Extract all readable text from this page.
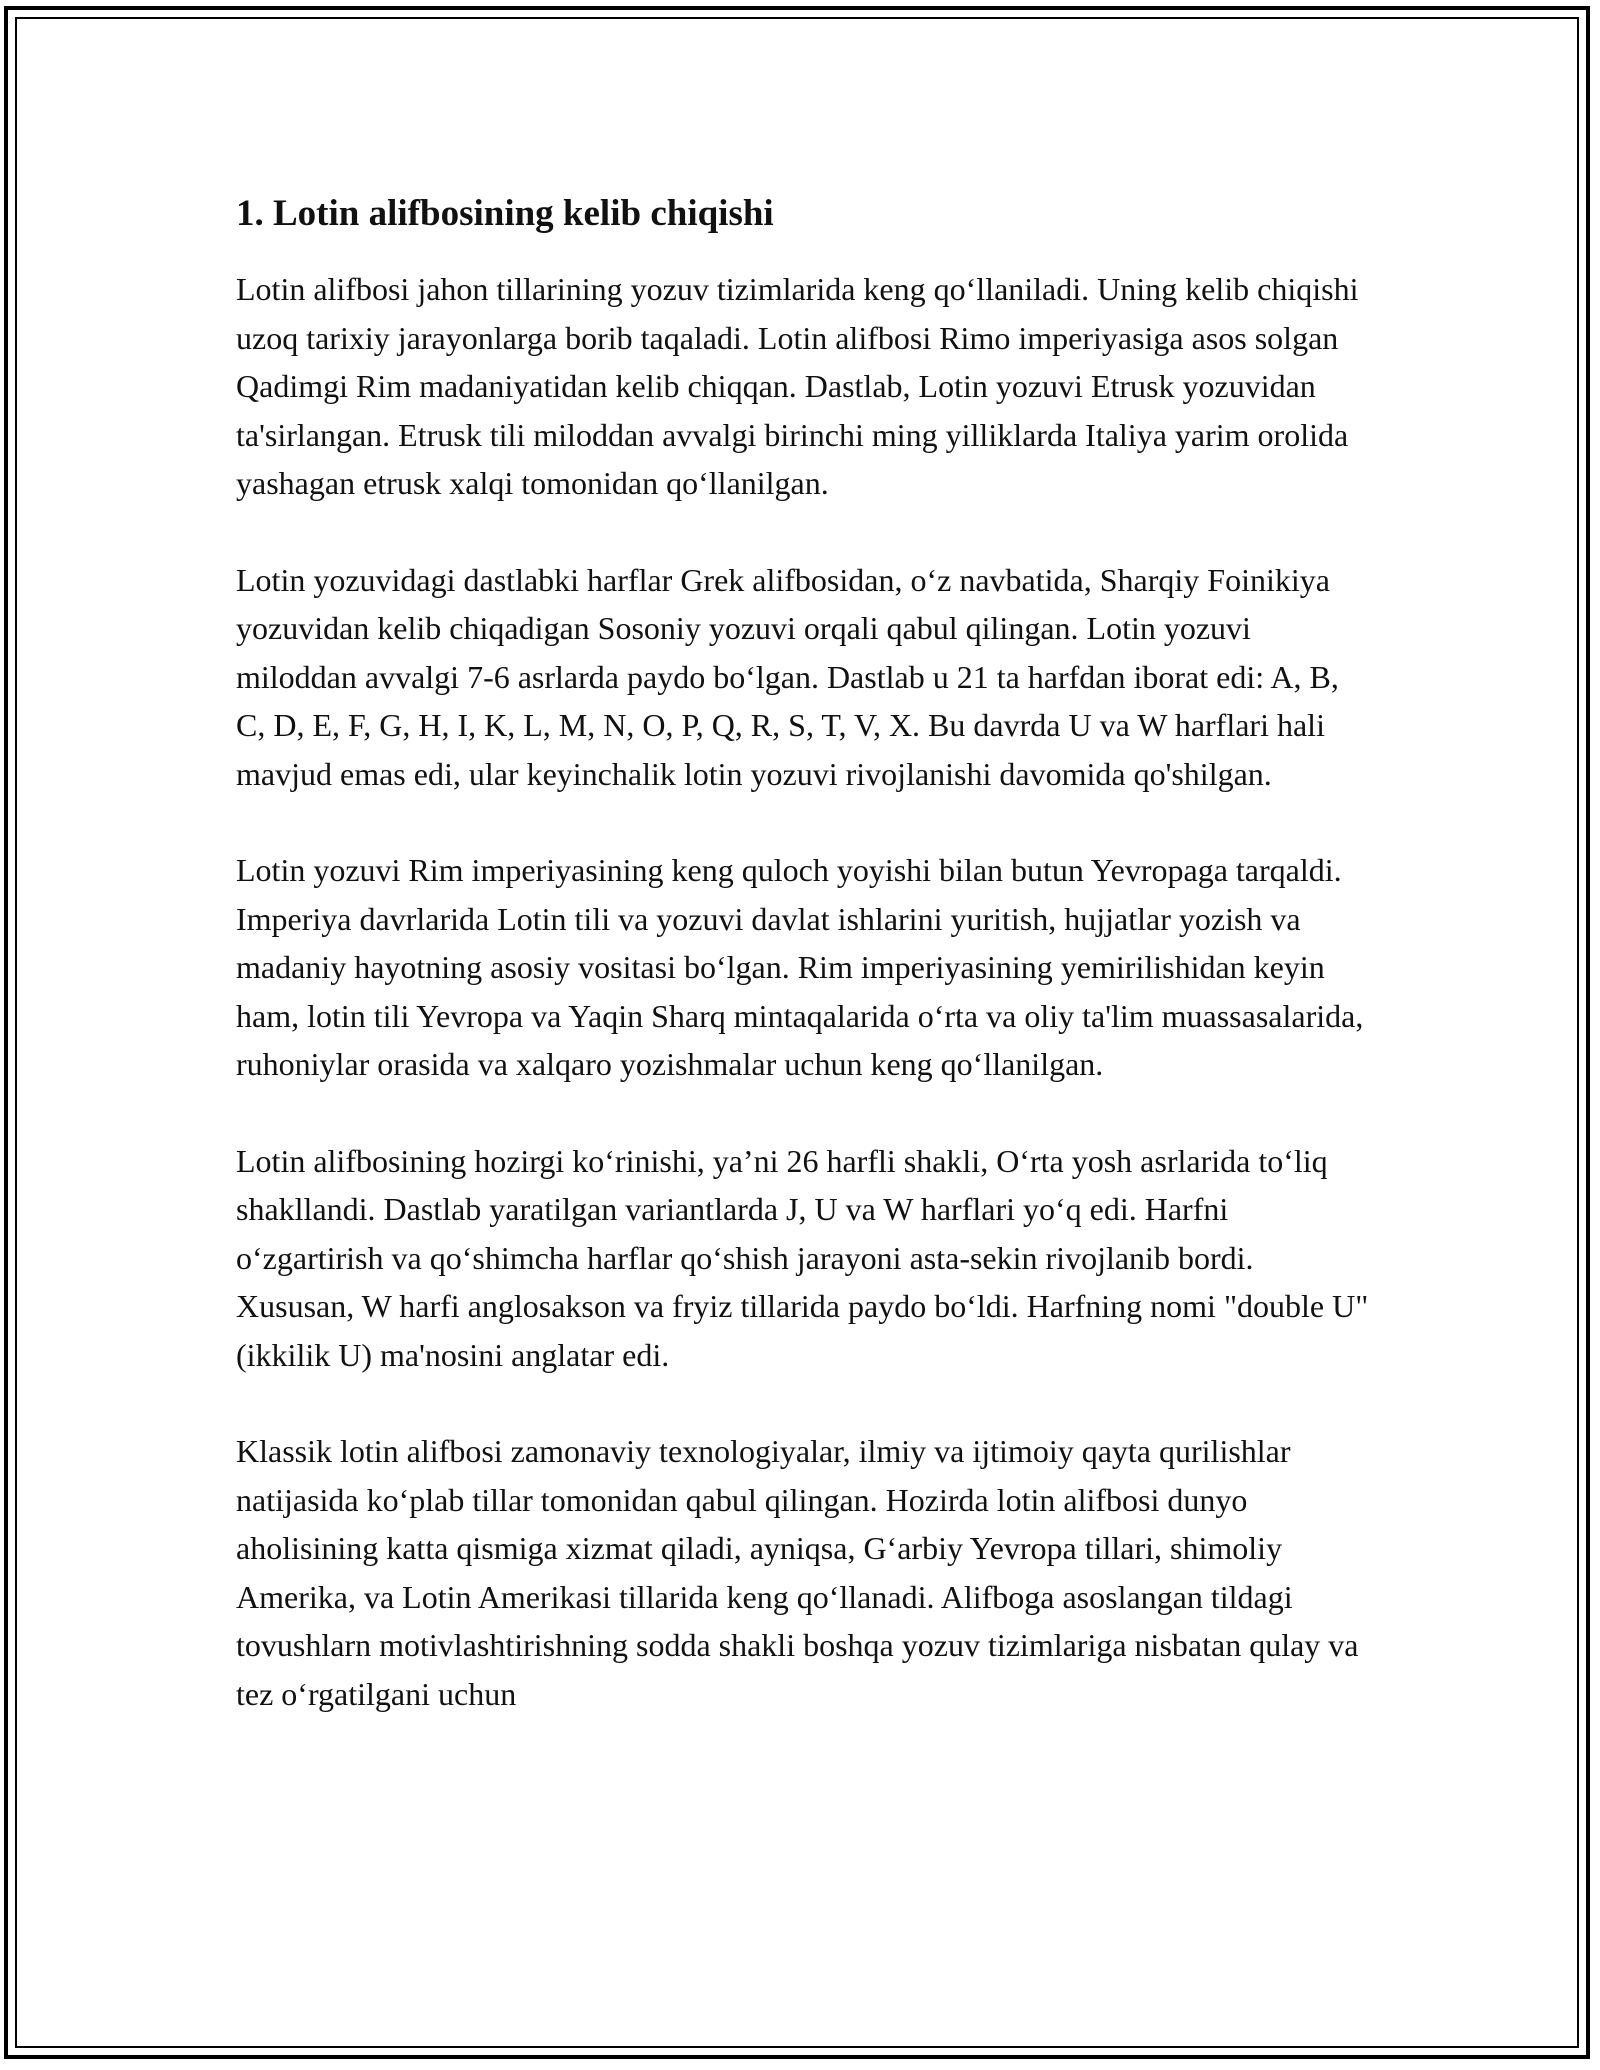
1. Lotin alifbosining kelib chiqishi

Lotin alifbosi jahon tillarining yozuv tizimlarida keng qo‘llaniladi. Uning kelib chiqishi uzoq tarixiy jarayonlarga borib taqaladi. Lotin alifbosi Rimo imperiyasiga asos solgan Qadimgi Rim madaniyatidan kelib chiqqan. Dastlab, Lotin yozuvi Etrusk yozuvidan ta'sirlangan. Etrusk tili miloddan avvalgi birinchi ming yilliklarda Italiya yarim orolida yashagan etrusk xalqi tomonidan qo‘llanilgan.

Lotin yozuvidagi dastlabki harflar Grek alifbosidan, o‘z navbatida, Sharqiy Foinikiya yozuvidan kelib chiqadigan Sosoniy yozuvi orqali qabul qilingan. Lotin yozuvi miloddan avvalgi 7-6 asrlarda paydo bo‘lgan. Dastlab u 21 ta harfdan iborat edi: A, B, C, D, E, F, G, H, I, K, L, M, N, O, P, Q, R, S, T, V, X. Bu davrda U va W harflari hali mavjud emas edi, ular keyinchalik lotin yozuvi rivojlanishi davomida qo'shilgan.

Lotin yozuvi Rim imperiyasining keng quloch yoyishi bilan butun Yevropaga tarqaldi. Imperiya davrlarida Lotin tili va yozuvi davlat ishlarini yuritish, hujjatlar yozish va madaniy hayotning asosiy vositasi bo‘lgan. Rim imperiyasining yemirilishidan keyin ham, lotin tili Yevropa va Yaqin Sharq mintaqalarida o‘rta va oliy ta'lim muassasalarida, ruhoniylar orasida va xalqaro yozishmalar uchun keng qo‘llanilgan.

Lotin alifbosining hozirgi ko‘rinishi, ya’ni 26 harfli shakli, O‘rta yosh asrlarida to‘liq shakllandi. Dastlab yaratilgan variantlarda J, U va W harflari yo‘q edi. Harfni o‘zgartirish va qo‘shimcha harflar qo‘shish jarayoni asta-sekin rivojlanib bordi. Xususan, W harfi anglosakson va fryiz tillarida paydo bo‘ldi. Harfning nomi "double U" (ikkilik U) ma'nosini anglatar edi.

Klassik lotin alifbosi zamonaviy texnologiyalar, ilmiy va ijtimoiy qayta qurilishlar natijasida ko‘plab tillar tomonidan qabul qilingan. Hozirda lotin alifbosi dunyo aholisining katta qismiga xizmat qiladi, ayniqsa, G‘arbiy Yevropa tillari, shimoliy Amerika, va Lotin Amerikasi tillarida keng qo‘llanadi. Alifboga asoslangan tildagi tovushlarn motivlashtirishning sodda shakli boshqa yozuv tizimlariga nisbatan qulay va tez o‘rgatilgani uchun
